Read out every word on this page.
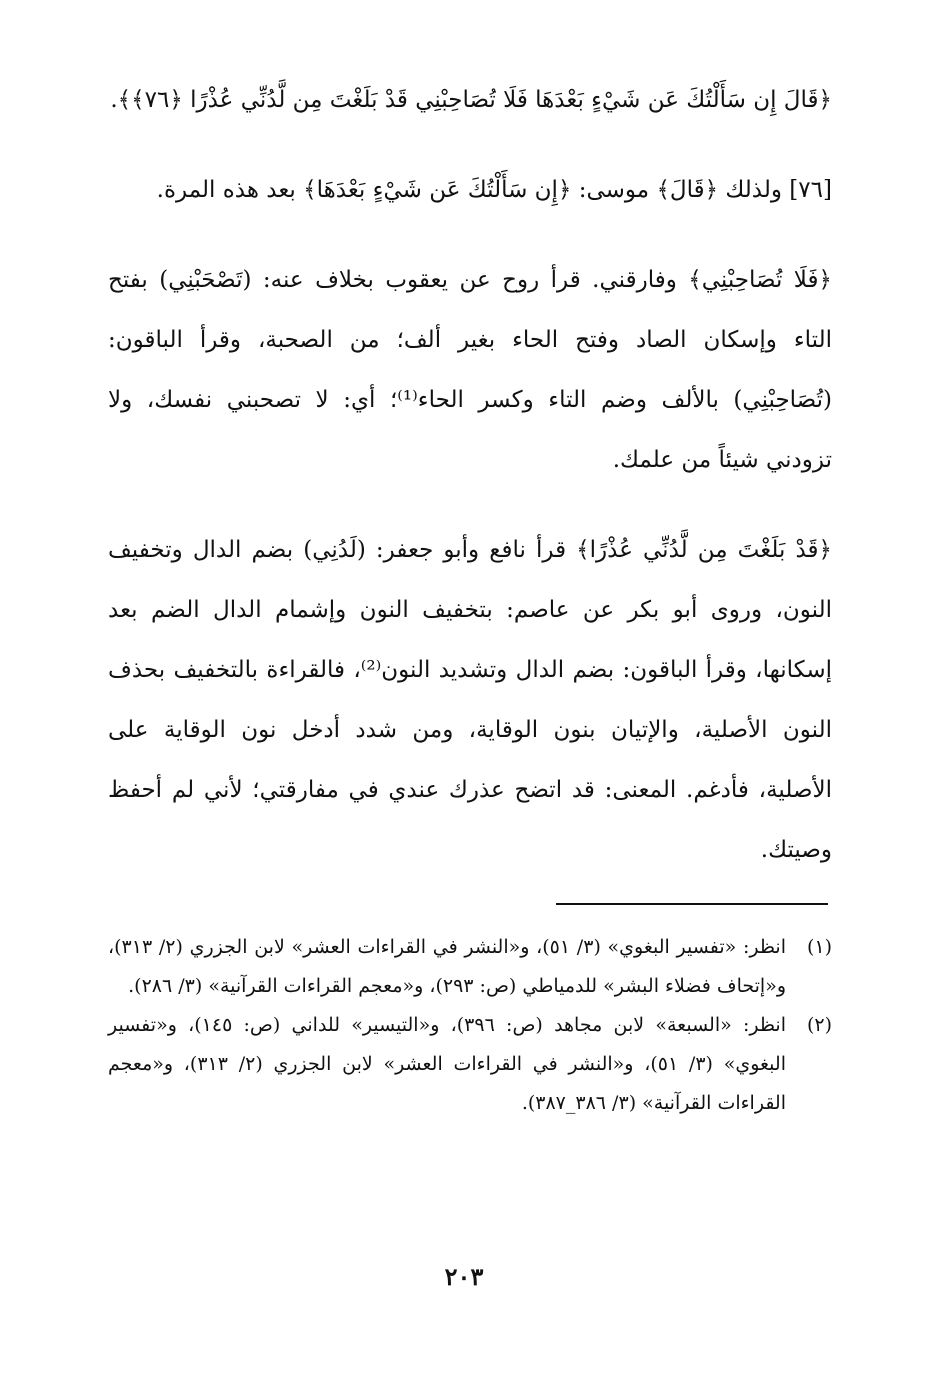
﴿قَالَ إِن سَأَلْتُكَ عَن شَيْءٍ بَعْدَهَا فَلَا تُصَاحِبْنِي قَدْ بَلَغْتَ مِن لَّدُنِّي عُذْرًا ﴿٧٦﴾﴾.

[٧٦] ولذلك ﴿قَالَ﴾ موسى: ﴿إِن سَأَلْتُكَ عَن شَيْءٍ بَعْدَهَا﴾ بعد هذه المرة.

﴿فَلَا تُصَاحِبْنِي﴾ وفارقني. قرأ روح عن يعقوب بخلاف عنه: (تَصْحَبْنِي) بفتح التاء وإسكان الصاد وفتح الحاء بغير ألف؛ من الصحبة، وقرأ الباقون: (تُصَاحِبْنِي) بالألف وضم التاء وكسر الحاء⁽¹⁾؛ أي: لا تصحبني نفسك، ولا تزودني شيئاً من علمك.

﴿قَدْ بَلَغْتَ مِن لَّدُنِّي عُذْرًا﴾ قرأ نافع وأبو جعفر: (لَدُنِي) بضم الدال وتخفيف النون، وروى أبو بكر عن عاصم: بتخفيف النون وإشمام الدال الضم بعد إسكانها، وقرأ الباقون: بضم الدال وتشديد النون⁽²⁾، فالقراءة بالتخفيف بحذف النون الأصلية، والإتيان بنون الوقاية، ومن شدد أدخل نون الوقاية على الأصلية، فأدغم. المعنى: قد اتضح عذرك عندي في مفارقتي؛ لأني لم أحفظ وصيتك.

(١)
انظر: «تفسير البغوي» (٣/ ٥١)، و«النشر في القراءات العشر» لابن الجزري (٢/ ٣١٣)، و«إتحاف فضلاء البشر» للدمياطي (ص: ٢٩٣)، و«معجم القراءات القرآنية» (٣/ ٢٨٦).
(٢)
انظر: «السبعة» لابن مجاهد (ص: ٣٩٦)، و«التيسير» للداني (ص: ١٤٥)، و«تفسير البغوي» (٣/ ٥١)، و«النشر في القراءات العشر» لابن الجزري (٢/ ٣١٣)، و«معجم القراءات القرآنية» (٣/ ٣٨٦_٣٨٧).
٢٠٣
